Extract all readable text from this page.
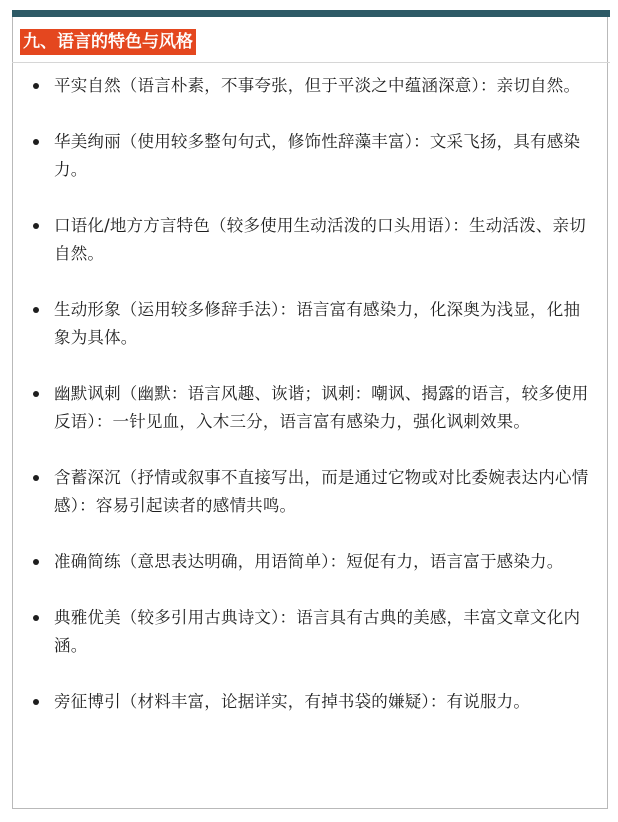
九、语言的特色与风格
平实自然（语言朴素，不事夸张，但于平淡之中蕴涵深意）：亲切自然。
华美绚丽（使用较多整句句式，修饰性辞藻丰富）：文采飞扬，具有感染力。
口语化/地方方言特色（较多使用生动活泼的口头用语）：生动活泼、亲切自然。
生动形象（运用较多修辞手法）：语言富有感染力，化深奥为浅显，化抽象为具体。
幽默讽刺（幽默：语言风趣、诙谐；讽刺：嘲讽、揭露的语言，较多使用反语）：一针见血，入木三分，语言富有感染力，强化讽刺效果。
含蓄深沉（抒情或叙事不直接写出，而是通过它物或对比委婉表达内心情感）：容易引起读者的感情共鸣。
准确简练（意思表达明确，用语简单）：短促有力，语言富于感染力。
典雅优美（较多引用古典诗文）：语言具有古典的美感，丰富文章文化内涵。
旁征博引（材料丰富，论据详实，有掉书袋的嫌疑）：有说服力。
